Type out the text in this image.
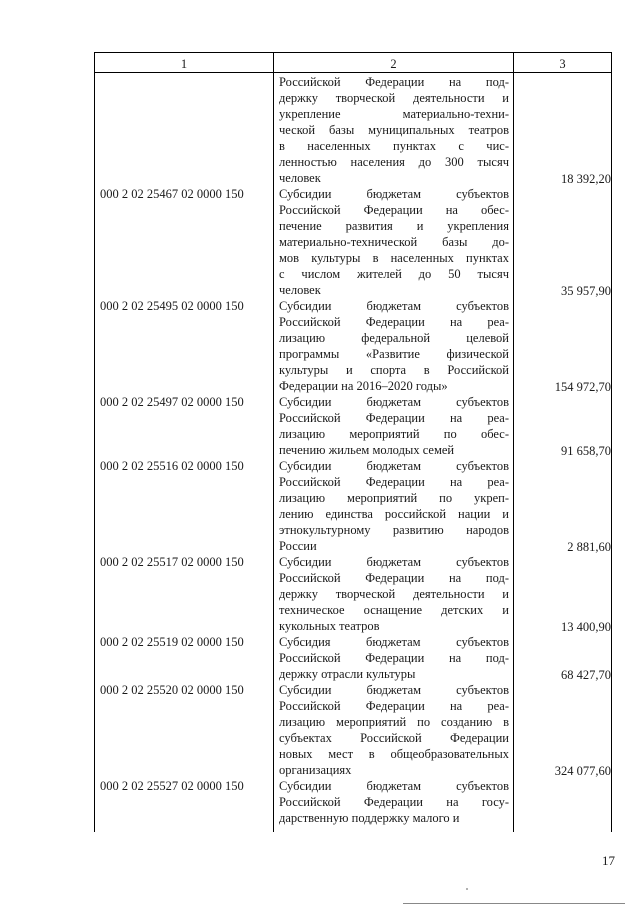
1	2	3
Российской Федерации на под-
держку творческой деятельности и
укрепление материально-техни-
ческой базы муниципальных театров
в населенных пунктах с чис-
ленностью населения до 300 тысяч
человек	18 392,20
000 2 02 25467 02 0000 150	Субсидии бюджетам субъектов
Российской Федерации на обес-
печение развития и укрепления
материально-технической базы до-
мов культуры в населенных пунктах
с числом жителей до 50 тысяч
человек	35 957,90
000 2 02 25495 02 0000 150	Субсидии бюджетам субъектов
Российской Федерации на реа-
лизацию федеральной целевой
программы «Развитие физической
культуры и спорта в Российской
Федерации на 2016–2020 годы»	154 972,70
000 2 02 25497 02 0000 150	Субсидии бюджетам субъектов
Российской Федерации на реа-
лизацию мероприятий по обес-
печению жильем молодых семей	91 658,70
000 2 02 25516 02 0000 150	Субсидии бюджетам субъектов
Российской Федерации на реа-
лизацию мероприятий по укреп-
лению единства российской нации и
этнокультурному развитию народов
России	2 881,60
000 2 02 25517 02 0000 150	Субсидии бюджетам субъектов
Российской Федерации на под-
держку творческой деятельности и
техническое оснащение детских и
кукольных театров	13 400,90
000 2 02 25519 02 0000 150	Субсидия бюджетам субъектов
Российской Федерации на под-
держку отрасли культуры	68 427,70
000 2 02 25520 02 0000 150	Субсидии бюджетам субъектов
Российской Федерации на реа-
лизацию мероприятий по созданию в
субъектах Российской Федерации
новых мест в общеобразовательных
организациях	324 077,60
000 2 02 25527 02 0000 150	Субсидии бюджетам субъектов
Российской Федерации на госу-
дарственную поддержку малого и
17
